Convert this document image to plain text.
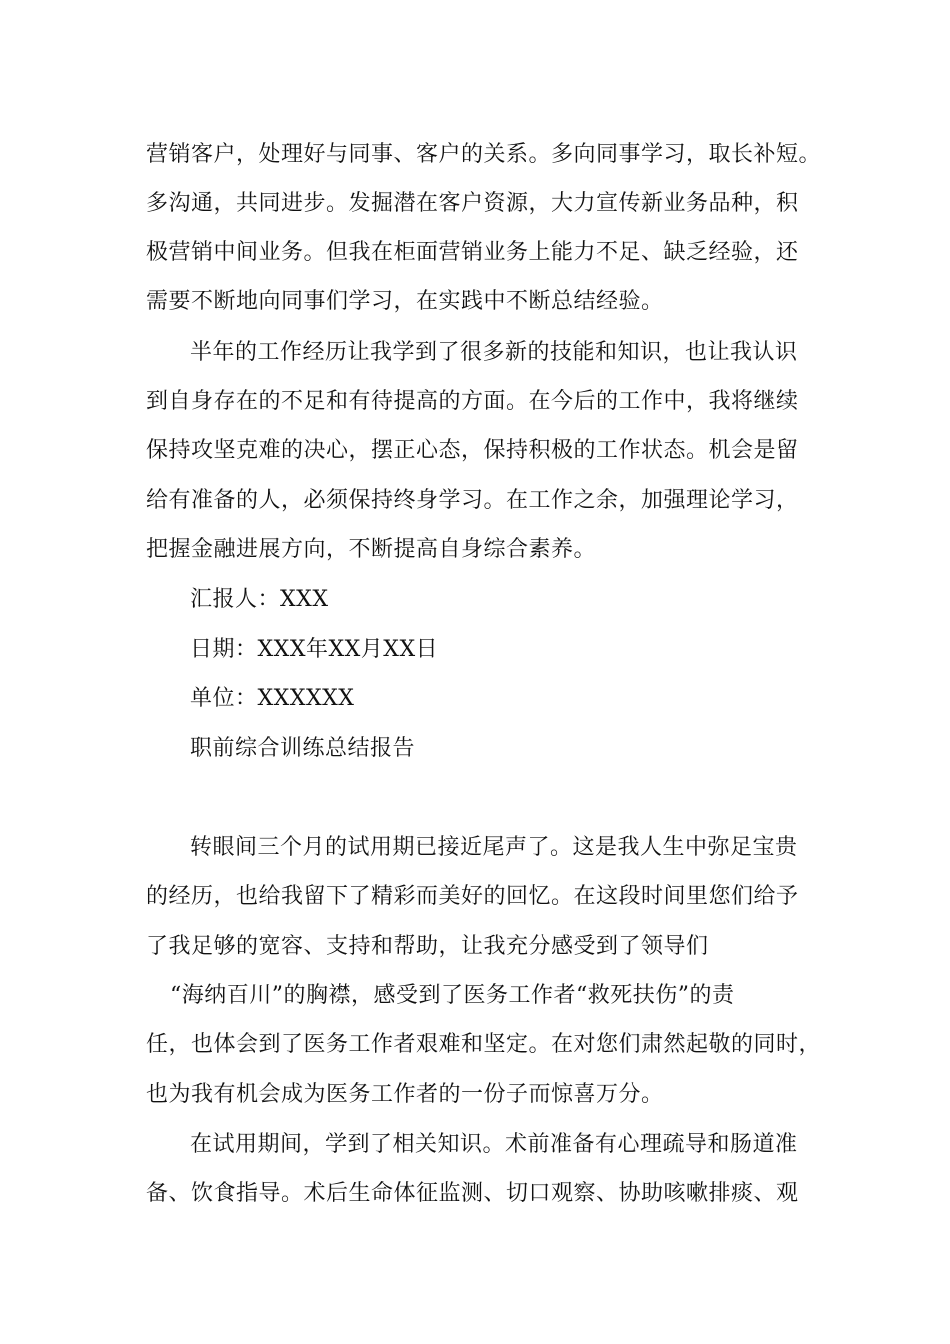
营销客户，处理好与同事、客户的关系。多向同事学习，取长补短。
多沟通，共同进步。发掘潜在客户资源，大力宣传新业务品种，积
极营销中间业务。但我在柜面营销业务上能力不足、缺乏经验，还
需要不断地向同事们学习，在实践中不断总结经验。
半年的工作经历让我学到了很多新的技能和知识，也让我认识
到自身存在的不足和有待提高的方面。在今后的工作中，我将继续
保持攻坚克难的决心，摆正心态，保持积极的工作状态。机会是留
给有准备的人，必须保持终身学习。在工作之余，加强理论学习，
把握金融进展方向，不断提高自身综合素养。
汇报人：XXX
日期：XXX年XX月XX日
单位：XXXXXX
职前综合训练总结报告
转眼间三个月的试用期已接近尾声了。这是我人生中弥足宝贵
的经历，也给我留下了精彩而美好的回忆。在这段时间里您们给予
了我足够的宽容、支持和帮助，让我充分感受到了领导们
“海纳百川”的胸襟，感受到了医务工作者“救死扶伤”的责
任，也体会到了医务工作者艰难和坚定。在对您们肃然起敬的同时，
也为我有机会成为医务工作者的一份子而惊喜万分。
在试用期间，学到了相关知识。术前准备有心理疏导和肠道准
备、饮食指导。术后生命体征监测、切口观察、协助咳嗽排痰、观
